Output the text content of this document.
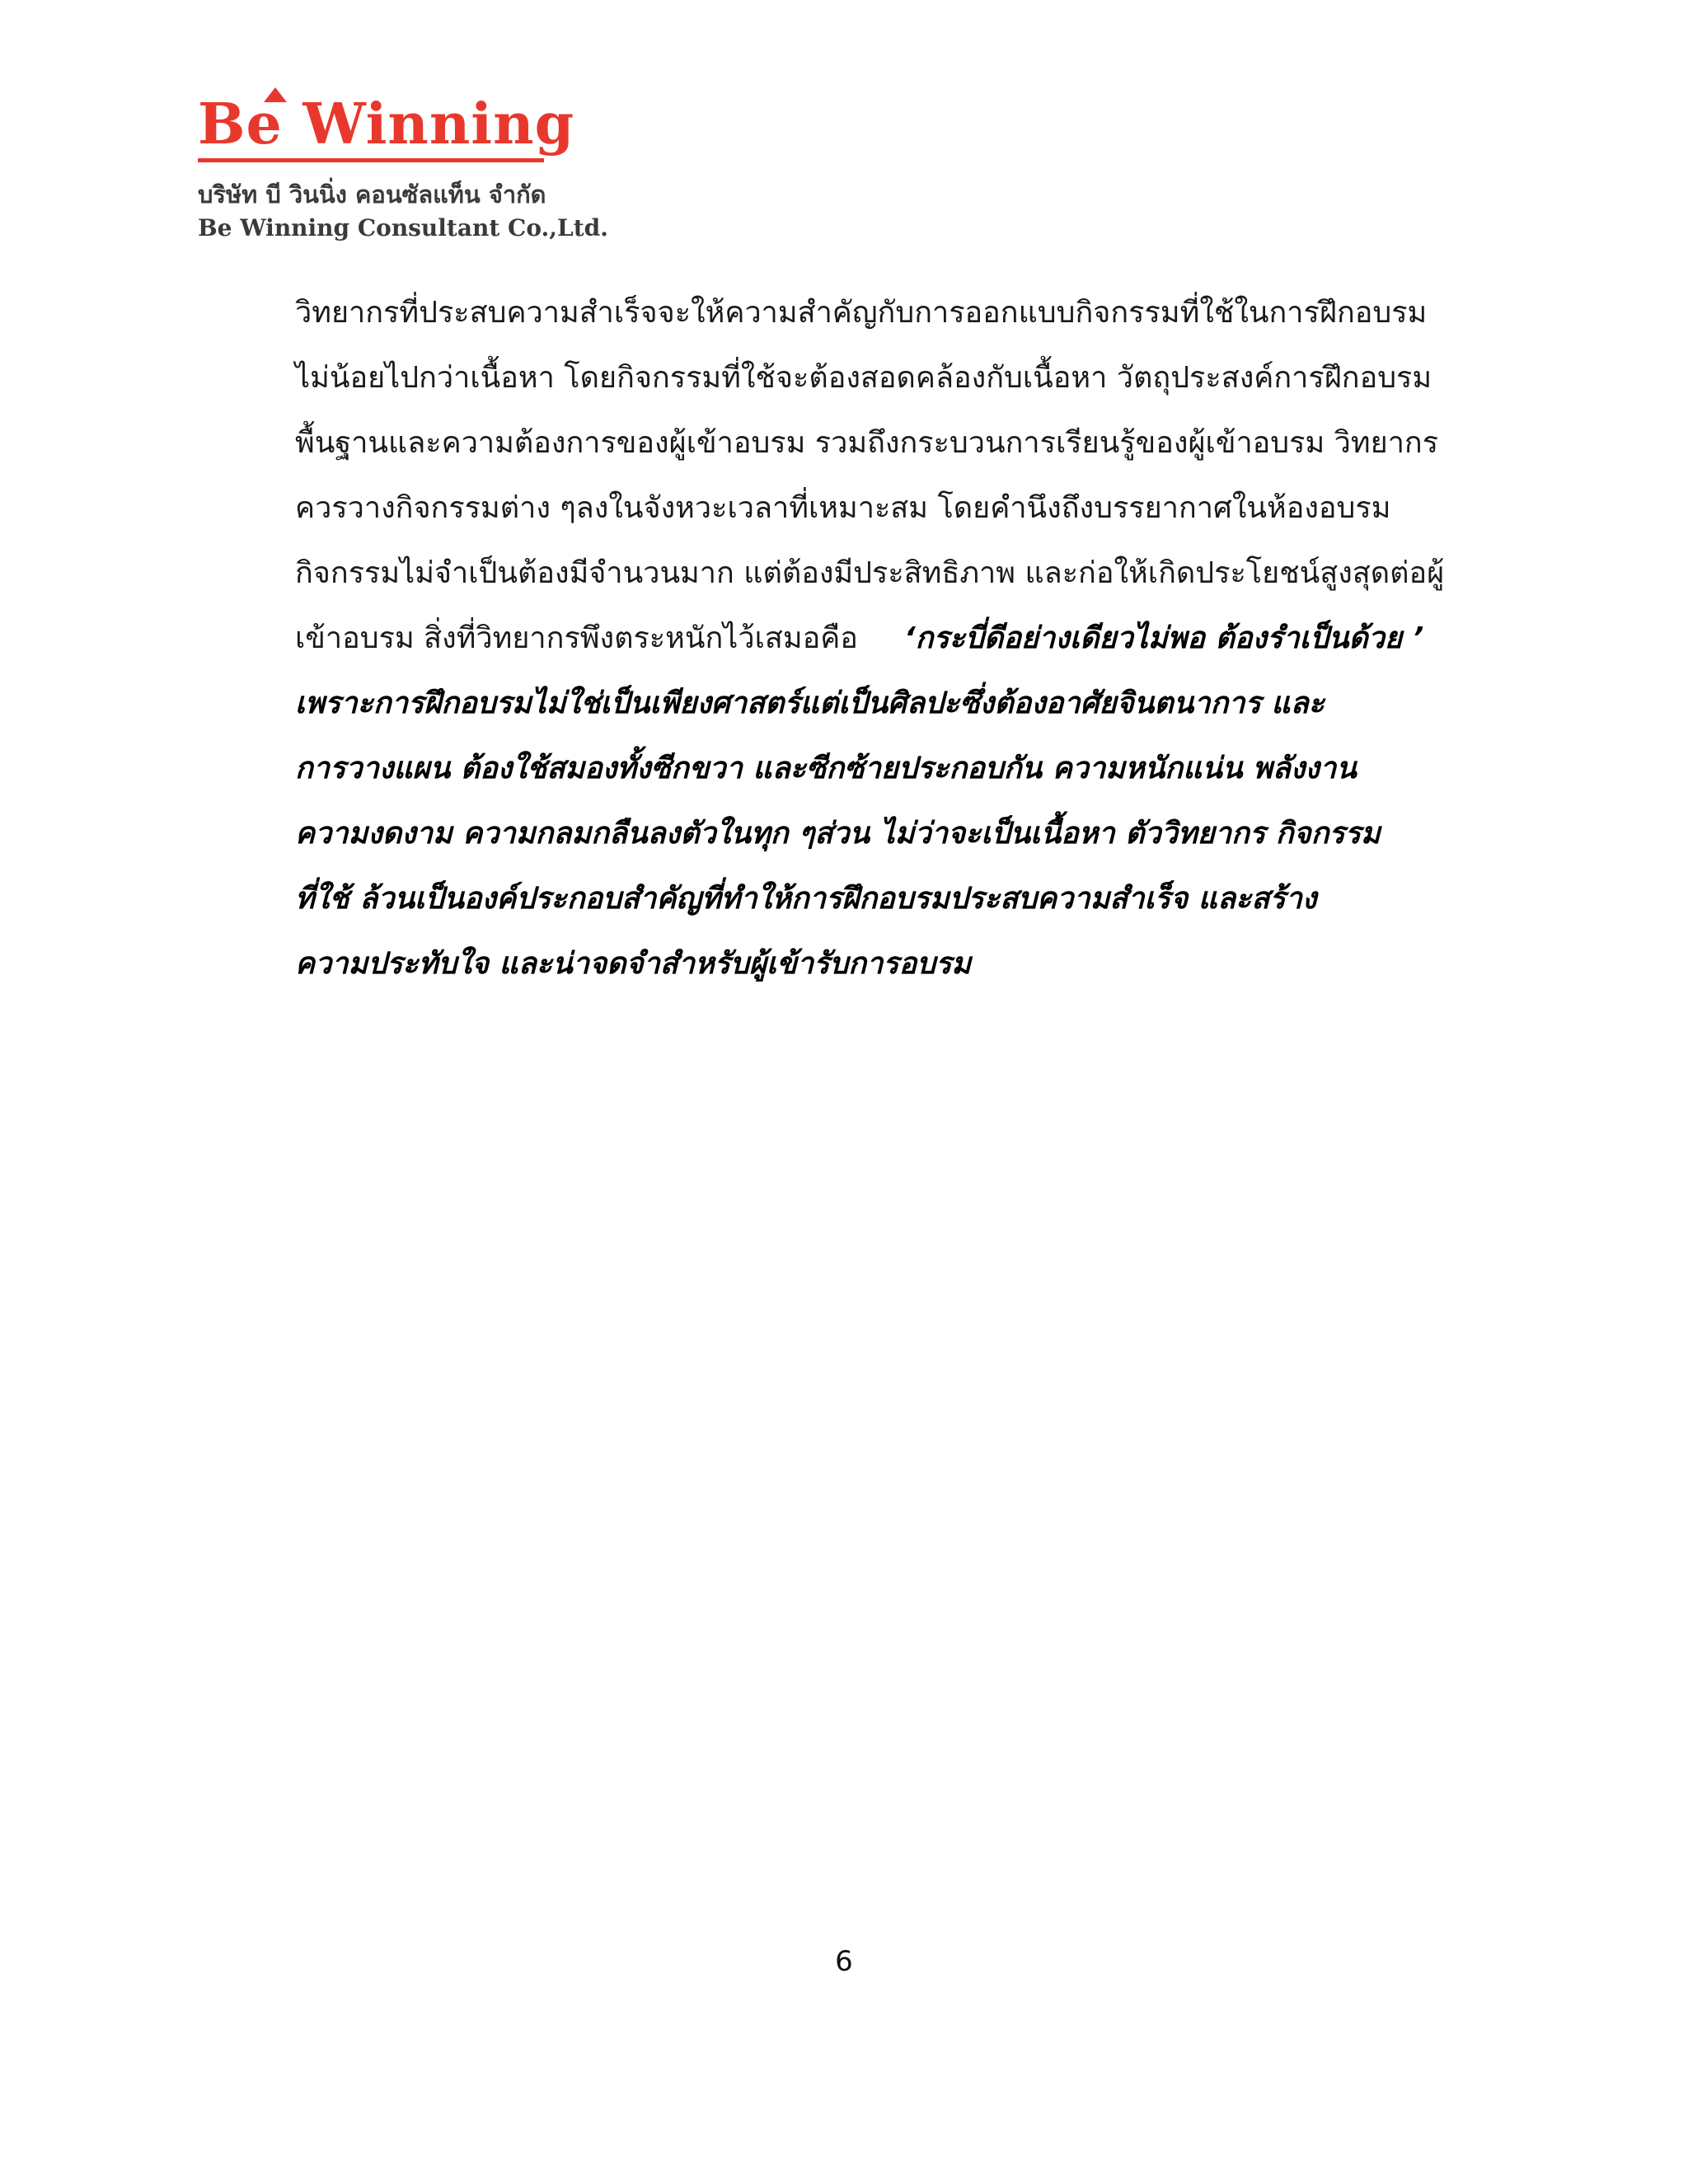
Be Winning
บริษัท บี วินนิ่ง คอนซัลแท็น จำกัด
Be Winning Consultant Co.,Ltd.
วิทยากรที่ประสบความสำเร็จจะให้ความสำคัญกับการออกแบบกิจกรรมที่ใช้ในการฝึกอบรม
ไม่น้อยไปกว่าเนื้อหา โดยกิจกรรมที่ใช้จะต้องสอดคล้องกับเนื้อหา วัตถุประสงค์การฝึกอบรม
พื้นฐานและความต้องการของผู้เข้าอบรม รวมถึงกระบวนการเรียนรู้ของผู้เข้าอบรม วิทยากร
ควรวางกิจกรรมต่าง ๆลงในจังหวะเวลาที่เหมาะสม โดยคำนึงถึงบรรยากาศในห้องอบรม
กิจกรรมไม่จำเป็นต้องมีจำนวนมาก แต่ต้องมีประสิทธิภาพ และก่อให้เกิดประโยชน์สูงสุดต่อผู้
เข้าอบรม สิ่งที่วิทยากรพึงตระหนักไว้เสมอคือ ‘กระบี่ดีอย่างเดียวไม่พอ ต้องรำเป็นด้วย ’
เพราะการฝึกอบรมไม่ใช่เป็นเพียงศาสตร์แต่เป็นศิลปะซึ่งต้องอาศัยจินตนาการ และ
การวางแผน ต้องใช้สมองทั้งซีกขวา และซีกซ้ายประกอบกัน ความหนักแน่น พลังงาน
ความงดงาม ความกลมกลืนลงตัวในทุก ๆส่วน ไม่ว่าจะเป็นเนื้อหา ตัววิทยากร กิจกรรม
ที่ใช้ ล้วนเป็นองค์ประกอบสำคัญที่ทำให้การฝึกอบรมประสบความสำเร็จ และสร้าง
ความประทับใจ และน่าจดจำสำหรับผู้เข้ารับการอบรม
6
